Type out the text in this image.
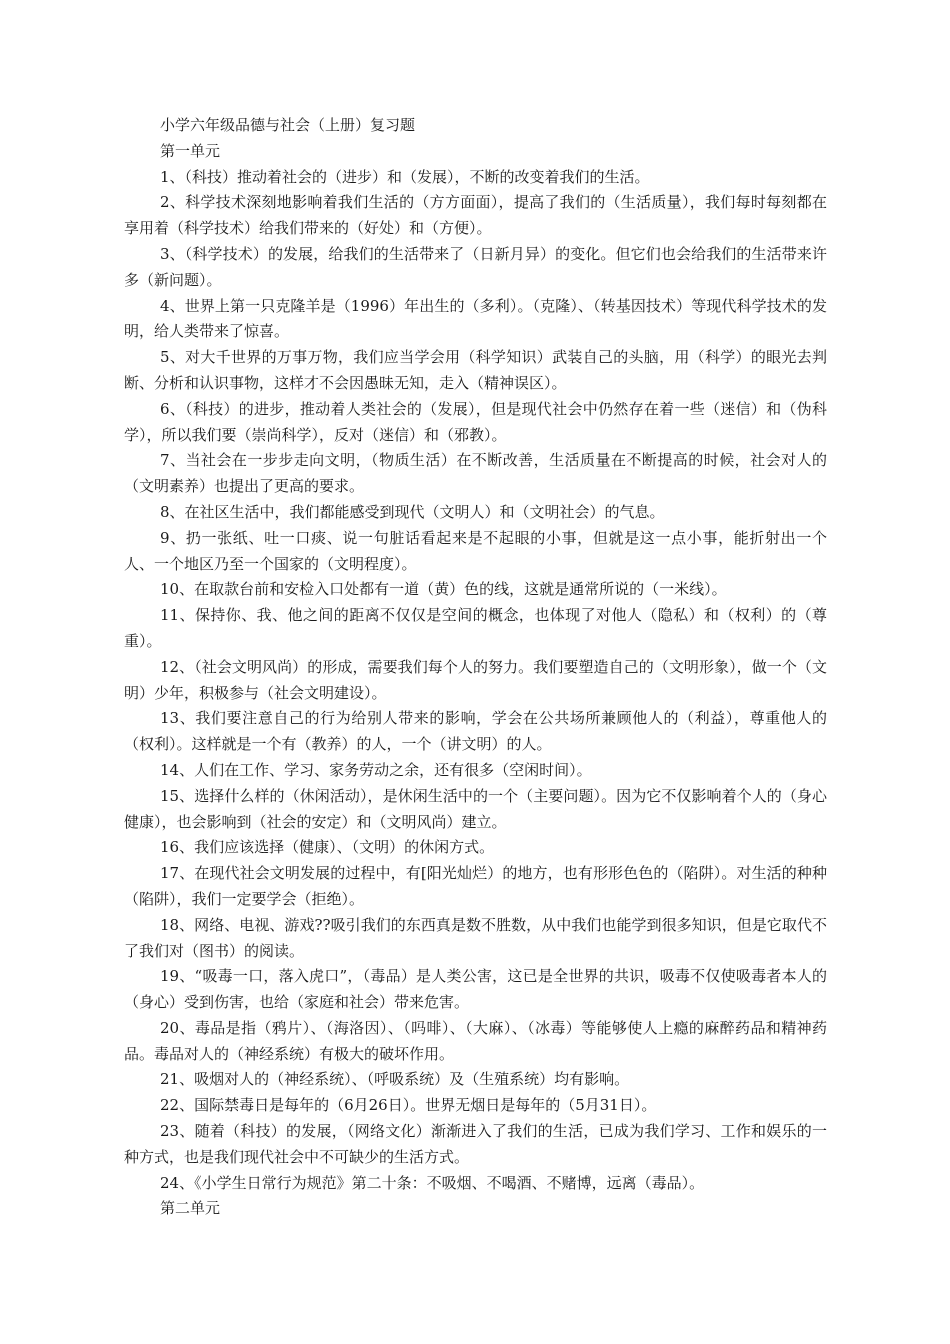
小学六年级品德与社会（上册）复习题

第一单元

1、（科技）推动着社会的（进步）和（发展），不断的改变着我们的生活。

2、科学技术深刻地影响着我们生活的（方方面面），提高了我们的（生活质量），我们每时每刻都在享用着（科学技术）给我们带来的（好处）和（方便）。

3、（科学技术）的发展，给我们的生活带来了（日新月异）的变化。但它们也会给我们的生活带来许多（新问题）。

4、世界上第一只克隆羊是（1996）年出生的（多利）。（克隆）、（转基因技术）等现代科学技术的发明，给人类带来了惊喜。

5、对大千世界的万事万物，我们应当学会用（科学知识）武装自己的头脑，用（科学）的眼光去判断、分析和认识事物，这样才不会因愚昧无知，走入（精神误区）。

6、（科技）的进步，推动着人类社会的（发展），但是现代社会中仍然存在着一些（迷信）和（伪科学），所以我们要（崇尚科学），反对（迷信）和（邪教）。

7、当社会在一步步走向文明，（物质生活）在不断改善，生活质量在不断提高的时候，社会对人的（文明素养）也提出了更高的要求。

8、在社区生活中，我们都能感受到现代（文明人）和（文明社会）的气息。

9、扔一张纸、吐一口痰、说一句脏话看起来是不起眼的小事，但就是这一点小事，能折射出一个人、一个地区乃至一个国家的（文明程度）。

10、在取款台前和安检入口处都有一道（黄）色的线，这就是通常所说的（一米线）。

11、保持你、我、他之间的距离不仅仅是空间的概念，也体现了对他人（隐私）和（权利）的（尊重）。

12、（社会文明风尚）的形成，需要我们每个人的努力。我们要塑造自己的（文明形象），做一个（文明）少年，积极参与（社会文明建设）。

13、我们要注意自己的行为给别人带来的影响，学会在公共场所兼顾他人的（利益），尊重他人的（权利）。这样就是一个有（教养）的人，一个（讲文明）的人。

14、人们在工作、学习、家务劳动之余，还有很多（空闲时间）。

15、选择什么样的（休闲活动），是休闲生活中的一个（主要问题）。因为它不仅影响着个人的（身心健康），也会影响到（社会的安定）和（文明风尚）建立。

16、我们应该选择（健康）、（文明）的休闲方式。

17、在现代社会文明发展的过程中，有[阳光灿烂）的地方，也有形形色色的（陷阱）。对生活的种种（陷阱），我们一定要学会（拒绝）。

18、网络、电视、游戏??吸引我们的东西真是数不胜数，从中我们也能学到很多知识，但是它取代不了我们对（图书）的阅读。

19、“吸毒一口，落入虎口”，（毒品）是人类公害，这已是全世界的共识，吸毒不仅使吸毒者本人的（身心）受到伤害，也给（家庭和社会）带来危害。

20、毒品是指（鸦片）、（海洛因）、（吗啡）、（大麻）、（冰毒）等能够使人上瘾的麻醉药品和精神药品。毒品对人的（神经系统）有极大的破坏作用。

21、吸烟对人的（神经系统）、（呼吸系统）及（生殖系统）均有影响。

22、国际禁毒日是每年的（6月26日）。世界无烟日是每年的（5月31日）。

23、随着（科技）的发展，（网络文化）渐渐进入了我们的生活，已成为我们学习、工作和娱乐的一种方式，也是我们现代社会中不可缺少的生活方式。

24、《小学生日常行为规范》第二十条：不吸烟、不喝酒、不赌博，远离（毒品）。

第二单元
